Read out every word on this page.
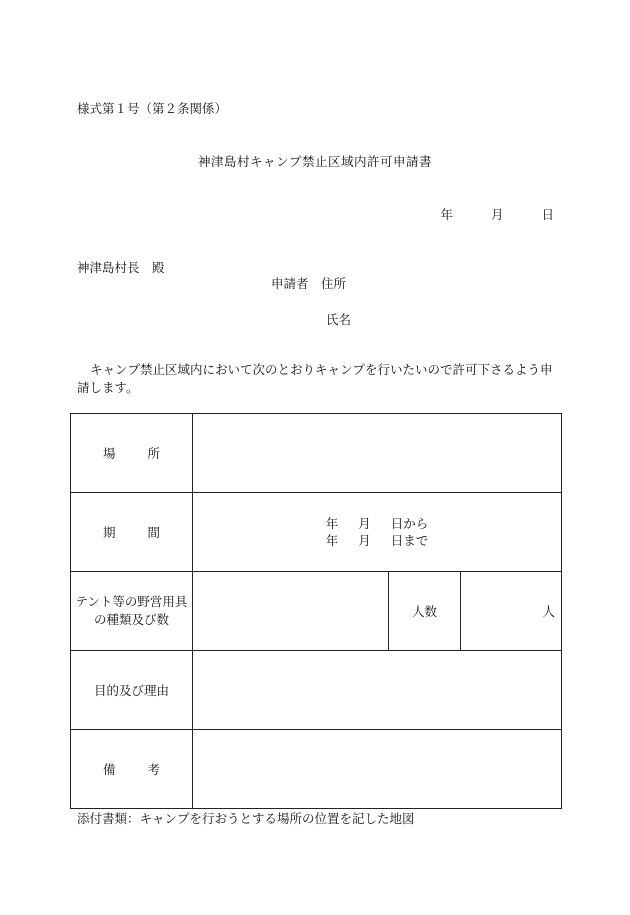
様式第１号（第２条関係）
神津島村キャンプ禁止区域内許可申請書
年	月	日
神津島村長　殿
申請者　住所
氏名
キャンプ禁止区域内において次のとおりキャンプを行いたいので許可下さるよう申請します。
場 所			
期 間	年 月 日から
年 月 日まで		

テント等の野営用具の種類及び数		人数	人
目的及び理由			
備 考			
添付書類：キャンプを行おうとする場所の位置を記した地図
